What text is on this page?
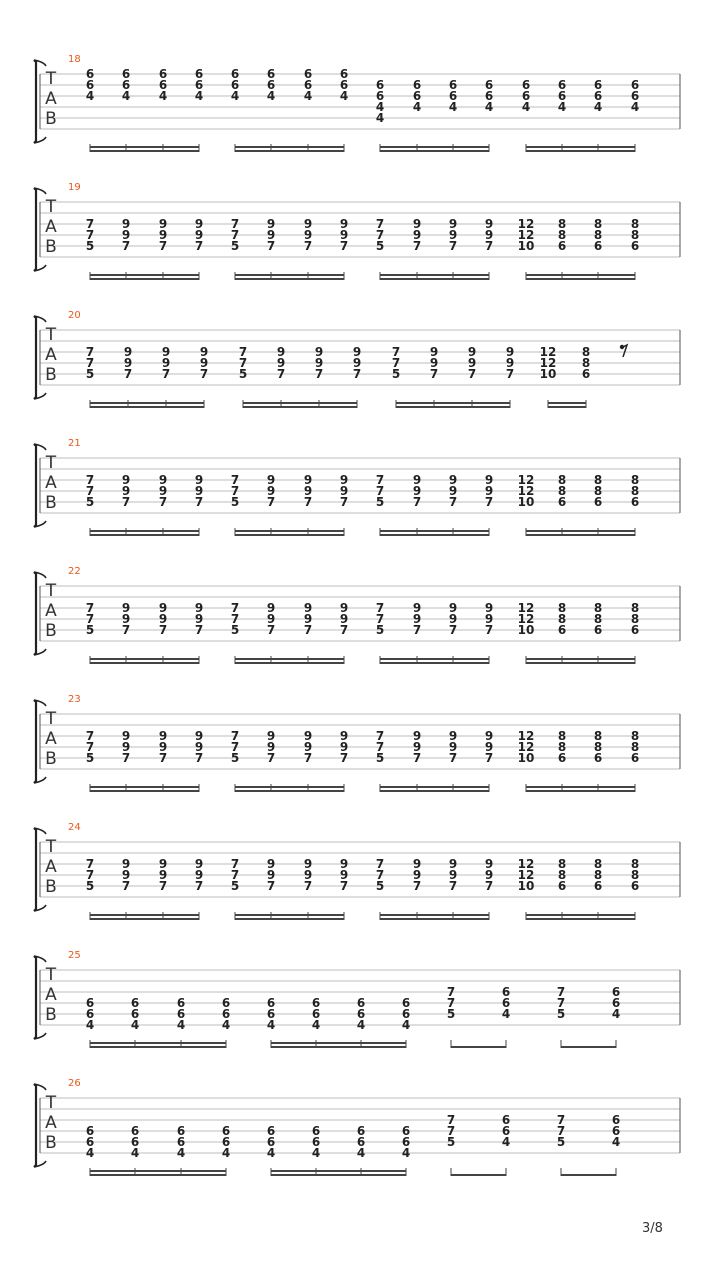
T
A
B
18
6
6
4
6
6
4
6
6
4
6
6
4
6
6
4
6
6
4
6
6
4
6
6
4
6
6
4
4
6
6
4
6
6
4
6
6
4
6
6
4
6
6
4
6
6
4
6
6
4
T
A
B
19
7
7
5
9
9
7
9
9
7
9
9
7
7
7
5
9
9
7
9
9
7
9
9
7
7
7
5
9
9
7
9
9
7
9
9
7
12
12
10
8
8
6
8
8
6
8
8
6
T
A
B
20
7
7
5
9
9
7
9
9
7
9
9
7
7
7
5
9
9
7
9
9
7
9
9
7
7
7
5
9
9
7
9
9
7
9
9
7
12
12
10
8
8
6
T
A
B
21
7
7
5
9
9
7
9
9
7
9
9
7
7
7
5
9
9
7
9
9
7
9
9
7
7
7
5
9
9
7
9
9
7
9
9
7
12
12
10
8
8
6
8
8
6
8
8
6
T
A
B
22
7
7
5
9
9
7
9
9
7
9
9
7
7
7
5
9
9
7
9
9
7
9
9
7
7
7
5
9
9
7
9
9
7
9
9
7
12
12
10
8
8
6
8
8
6
8
8
6
T
A
B
23
7
7
5
9
9
7
9
9
7
9
9
7
7
7
5
9
9
7
9
9
7
9
9
7
7
7
5
9
9
7
9
9
7
9
9
7
12
12
10
8
8
6
8
8
6
8
8
6
T
A
B
24
7
7
5
9
9
7
9
9
7
9
9
7
7
7
5
9
9
7
9
9
7
9
9
7
7
7
5
9
9
7
9
9
7
9
9
7
12
12
10
8
8
6
8
8
6
8
8
6
T
A
B
25
6
6
4
6
6
4
6
6
4
6
6
4
6
6
4
6
6
4
6
6
4
6
6
4
7
7
5
6
6
4
7
7
5
6
6
4
T
A
B
26
6
6
4
6
6
4
6
6
4
6
6
4
6
6
4
6
6
4
6
6
4
6
6
4
7
7
5
6
6
4
7
7
5
6
6
4
3/8
